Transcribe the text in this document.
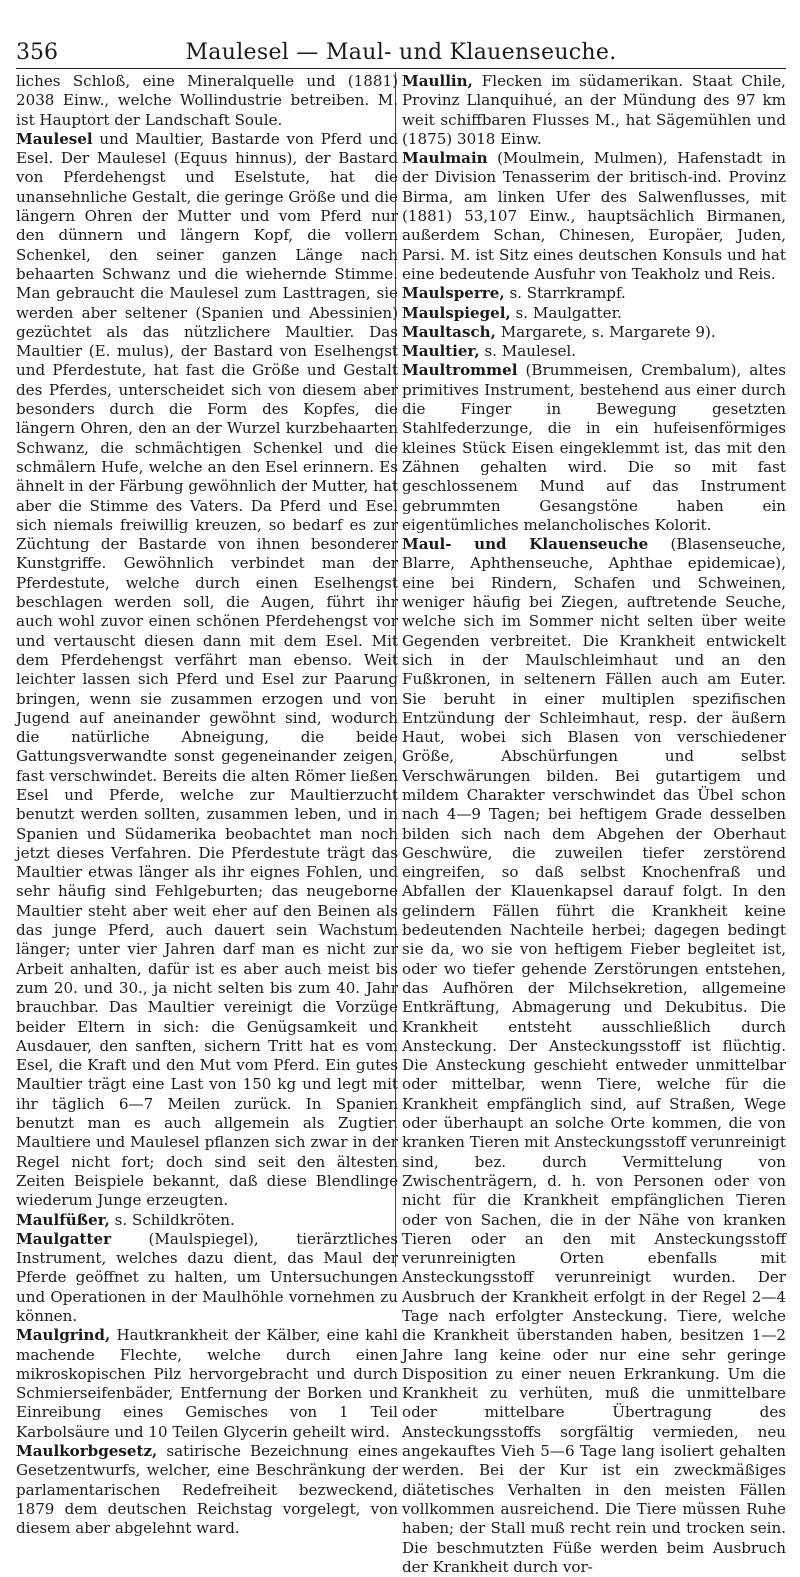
356	Maulesel — Maul- und Klauenseuche.

liches Schloß, eine Mineralquelle und (1881) 2038 Einw., welche Wollindustrie betreiben. M. ist Hauptort der Landschaft Soule.

Maulesel und Maultier, Bastarde von Pferd und Esel. Der Maulesel (Equus hinnus), der Bastard von Pferdehengst und Eselstute, hat die unansehnliche Gestalt, die geringe Größe und die längern Ohren der Mutter und vom Pferd nur den dünnern und längern Kopf, die vollern Schenkel, den seiner ganzen Länge nach behaarten Schwanz und die wiehernde Stimme. Man gebraucht die Maulesel zum Lasttragen, sie werden aber seltener (Spanien und Abessinien) gezüchtet als das nützlichere Maultier. Das Maultier (E. mulus), der Bastard von Eselhengst und Pferdestute, hat fast die Größe und Gestalt des Pferdes, unterscheidet sich von diesem aber besonders durch die Form des Kopfes, die längern Ohren, den an der Wurzel kurzbehaarten Schwanz, die schmächtigen Schenkel und die schmälern Hufe, welche an den Esel erinnern. Es ähnelt in der Färbung gewöhnlich der Mutter, hat aber die Stimme des Vaters. Da Pferd und Esel sich niemals freiwillig kreuzen, so bedarf es zur Züchtung der Bastarde von ihnen besonderer Kunstgriffe. Gewöhnlich verbindet man der Pferdestute, welche durch einen Eselhengst beschlagen werden soll, die Augen, führt ihr auch wohl zuvor einen schönen Pferdehengst vor und vertauscht diesen dann mit dem Esel. Mit dem Pferdehengst verfährt man ebenso. Weit leichter lassen sich Pferd und Esel zur Paarung bringen, wenn sie zusammen erzogen und von Jugend auf aneinander gewöhnt sind, wodurch die natürliche Abneigung, die beide Gattungsverwandte sonst gegeneinander zeigen, fast verschwindet. Bereits die alten Römer ließen Esel und Pferde, welche zur Maultierzucht benutzt werden sollten, zusammen leben, und in Spanien und Südamerika beobachtet man noch jetzt dieses Verfahren. Die Pferdestute trägt das Maultier etwas länger als ihr eignes Fohlen, und sehr häufig sind Fehlgeburten; das neugeborne Maultier steht aber weit eher auf den Beinen als das junge Pferd, auch dauert sein Wachstum länger; unter vier Jahren darf man es nicht zur Arbeit anhalten, dafür ist es aber auch meist bis zum 20. und 30., ja nicht selten bis zum 40. Jahr brauchbar. Das Maultier vereinigt die Vorzüge beider Eltern in sich: die Genügsamkeit und Ausdauer, den sanften, sichern Tritt hat es vom Esel, die Kraft und den Mut vom Pferd. Ein gutes Maultier trägt eine Last von 150 kg und legt mit ihr täglich 6—7 Meilen zurück. In Spanien benutzt man es auch allgemein als Zugtier. Maultiere und Maulesel pflanzen sich zwar in der Regel nicht fort; doch sind seit den ältesten Zeiten Beispiele bekannt, daß diese Blendlinge wiederum Junge erzeugten.

Maulfüßer, s. Schildkröten.

Maulgatter (Maulspiegel), tierärztliches Instrument, welches dazu dient, das Maul der Pferde geöffnet zu halten, um Untersuchungen und Operationen in der Maulhöhle vornehmen zu können.

Maulgrind, Hautkrankheit der Kälber, eine kahl machende Flechte, welche durch einen mikroskopischen Pilz hervorgebracht und durch Schmierseifenbäder, Entfernung der Borken und Einreibung eines Gemisches von 1 Teil Karbolsäure und 10 Teilen Glycerin geheilt wird.

Maulkorbgesetz, satirische Bezeichnung eines Gesetzentwurfs, welcher, eine Beschränkung der parlamentarischen Redefreiheit bezweckend, 1879 dem deutschen Reichstag vorgelegt, von diesem aber abgelehnt ward.

Maullin, Flecken im südamerikan. Staat Chile, Provinz Llanquihué, an der Mündung des 97 km weit schiffbaren Flusses M., hat Sägemühlen und (1875) 3018 Einw.

Maulmain (Moulmein, Mulmen), Hafenstadt in der Division Tenasserim der britisch-ind. Provinz Birma, am linken Ufer des Salwenflusses, mit (1881) 53,107 Einw., hauptsächlich Birmanen, außerdem Schan, Chinesen, Europäer, Juden, Parsi. M. ist Sitz eines deutschen Konsuls und hat eine bedeutende Ausfuhr von Teakholz und Reis.

Maulsperre, s. Starrkrampf.

Maulspiegel, s. Maulgatter.

Maultasch, Margarete, s. Margarete 9).

Maultier, s. Maulesel.

Maultrommel (Brummeisen, Crembalum), altes primitives Instrument, bestehend aus einer durch die Finger in Bewegung gesetzten Stahlfederzunge, die in ein hufeisenförmiges kleines Stück Eisen eingeklemmt ist, das mit den Zähnen gehalten wird. Die so mit fast geschlossenem Mund auf das Instrument gebrummten Gesangstöne haben ein eigentümliches melancholisches Kolorit.

Maul- und Klauenseuche (Blasenseuche, Blarre, Aphthenseuche, Aphthae epidemicae), eine bei Rindern, Schafen und Schweinen, weniger häufig bei Ziegen, auftretende Seuche, welche sich im Sommer nicht selten über weite Gegenden verbreitet. Die Krankheit entwickelt sich in der Maulschleimhaut und an den Fußkronen, in seltenern Fällen auch am Euter. Sie beruht in einer multiplen spezifischen Entzündung der Schleimhaut, resp. der äußern Haut, wobei sich Blasen von verschiedener Größe, Abschürfungen und selbst Verschwärungen bilden. Bei gutartigem und mildem Charakter verschwindet das Übel schon nach 4—9 Tagen; bei heftigem Grade desselben bilden sich nach dem Abgehen der Oberhaut Geschwüre, die zuweilen tiefer zerstörend eingreifen, so daß selbst Knochenfraß und Abfallen der Klauenkapsel darauf folgt. In den gelindern Fällen führt die Krankheit keine bedeutenden Nachteile herbei; dagegen bedingt sie da, wo sie von heftigem Fieber begleitet ist, oder wo tiefer gehende Zerstörungen entstehen, das Aufhören der Milchsekretion, allgemeine Entkräftung, Abmagerung und Dekubitus. Die Krankheit entsteht ausschließlich durch Ansteckung. Der Ansteckungsstoff ist flüchtig. Die Ansteckung geschieht entweder unmittelbar oder mittelbar, wenn Tiere, welche für die Krankheit empfänglich sind, auf Straßen, Wege oder überhaupt an solche Orte kommen, die von kranken Tieren mit Ansteckungsstoff verunreinigt sind, bez. durch Vermittelung von Zwischenträgern, d. h. von Personen oder von nicht für die Krankheit empfänglichen Tieren oder von Sachen, die in der Nähe von kranken Tieren oder an den mit Ansteckungsstoff verunreinigten Orten ebenfalls mit Ansteckungsstoff verunreinigt wurden. Der Ausbruch der Krankheit erfolgt in der Regel 2—4 Tage nach erfolgter Ansteckung. Tiere, welche die Krankheit überstanden haben, besitzen 1—2 Jahre lang keine oder nur eine sehr geringe Disposition zu einer neuen Erkrankung. Um die Krankheit zu verhüten, muß die unmittelbare oder mittelbare Übertragung des Ansteckungsstoffs sorgfältig vermieden, neu angekauftes Vieh 5—6 Tage lang isoliert gehalten werden. Bei der Kur ist ein zweckmäßiges diätetisches Verhalten in den meisten Fällen vollkommen ausreichend. Die Tiere müssen Ruhe haben; der Stall muß recht rein und trocken sein. Die beschmutzten Füße werden beim Ausbruch der Krankheit durch vor-
